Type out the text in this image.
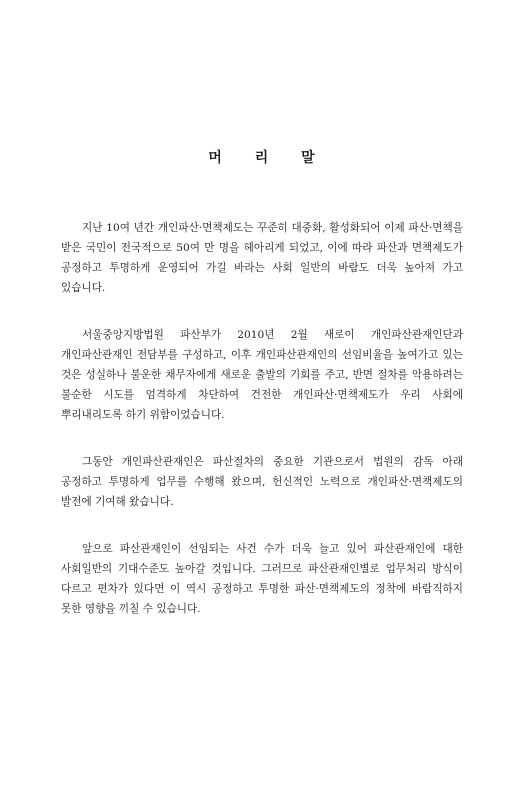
머 리 말

지난 10여 년간 개인파산·면책제도는 꾸준히 대중화, 활성화되어 이제 파산·면책을 받은 국민이 전국적으로 50여 만 명을 헤아리게 되었고, 이에 따라 파산과 면책제도가 공정하고 투명하게 운영되어 가길 바라는 사회 일반의 바람도 더욱 높아져 가고 있습니다.

서울중앙지방법원 파산부가 2010년 2월 새로이 개인파산관재인단과 개인파산관재인 전담부를 구성하고, 이후 개인파산관재인의 선임비율을 높여가고 있는 것은 성실하나 불운한 채무자에게 새로운 출발의 기회를 주고, 반면 절차를 악용하려는 불순한 시도를 엄격하게 차단하여 건전한 개인파산·면책제도가 우리 사회에 뿌리내리도록 하기 위함이었습니다.

그동안 개인파산관재인은 파산절차의 중요한 기관으로서 법원의 감독 아래 공정하고 투명하게 업무를 수행해 왔으며, 헌신적인 노력으로 개인파산·면책제도의 발전에 기여해 왔습니다.

앞으로 파산관재인이 선임되는 사건 수가 더욱 늘고 있어 파산관재인에 대한 사회일반의 기대수준도 높아갈 것입니다. 그러므로 파산관재인별로 업무처리 방식이 다르고 편차가 있다면 이 역시 공정하고 투명한 파산·면책제도의 정착에 바람직하지 못한 영향을 끼칠 수 있습니다.
